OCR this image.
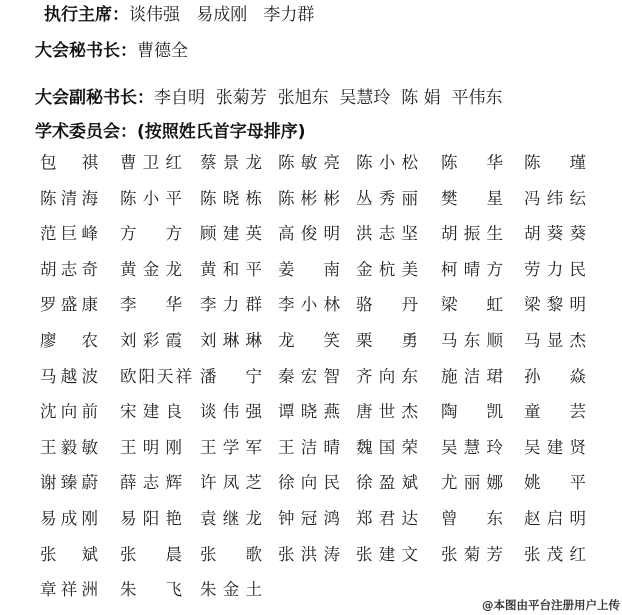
执行主席：谈伟强   易成刚   李力群
大会秘书长：曹德全
大会副秘书长：李自明  张菊芳  张旭东  吴慧玲  陈 娟  平伟东
学术委员会：(按照姓氏首字母排序)
包 祺 曹卫红 蔡景龙 陈敏亮 陈小松 陈 华 陈 瑾
陈清海 陈小平 陈晓栋 陈彬彬 丛秀丽 樊 星 冯纬纭
范巨峰 方 方 顾建英 高俊明 洪志坚 胡振生 胡葵葵
胡志奇 黄金龙 黄和平 姜 南 金杭美 柯晴方 劳力民
罗盛康 李 华 李力群 李小林 骆 丹 梁 虹 梁黎明
廖 农 刘彩霞 刘琳琳 龙 笑 栗 勇 马东顺 马显杰
马越波 欧阳天祥 潘 宁 秦宏智 齐向东 施洁珺 孙 焱
沈向前 宋建良 谈伟强 谭晓燕 唐世杰 陶 凯 童 芸
王毅敏 王明刚 王学军 王洁晴 魏国荣 吴慧玲 吴建贤
谢臻蔚 薛志辉 许凤芝 徐向民 徐盈斌 尤丽娜 姚 平
易成刚 易阳艳 袁继龙 钟冠鸿 郑君达 曾 东 赵启明
张 斌 张 晨 张 歌 张洪涛 张建文 张菊芳 张茂红
章祥洲 朱 飞 朱金土
@本图由平台注册用户上传
